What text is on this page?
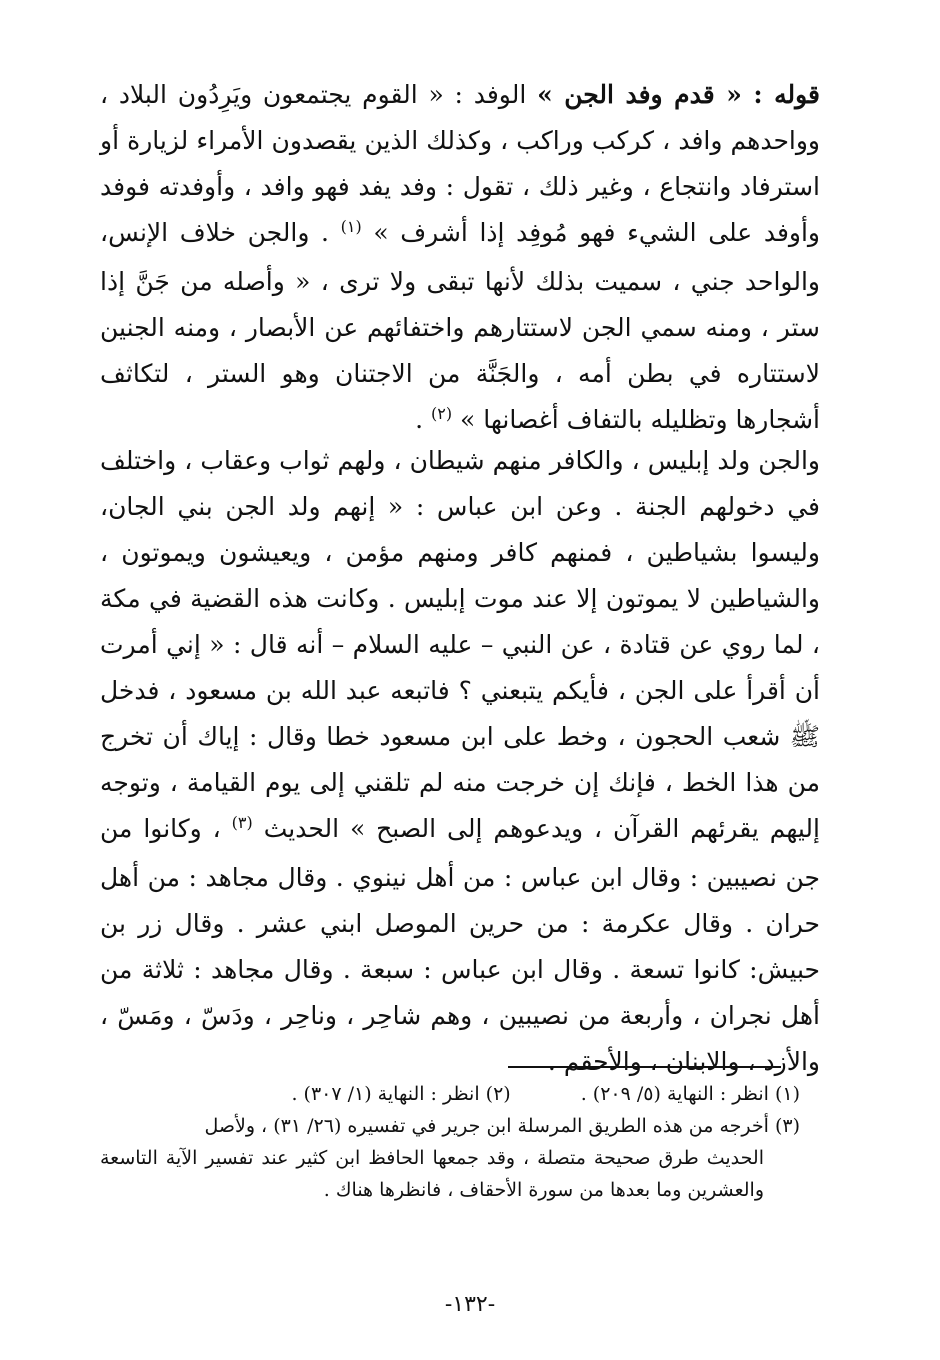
قوله : « قدم وفد الجن » الوفد : « القوم يجتمعون ويَرِدُون البلاد ، وواحدهم وافد ، كركب وراكب ، وكذلك الذين يقصدون الأمراء لزيارة أو استرفاد وانتجاع ، وغير ذلك ، تقول : وفد يفد فهو وافد ، وأوفدته فوفد وأوفد على الشيء فهو مُوفِد إذا أشرف » $^{(١)}$ . والجن خلاف الإنس، والواحد جني ، سميت بذلك لأنها تبقى ولا ترى ، « وأصله من جَنَّ إذا ستر ، ومنه سمي الجن لاستتارهم واختفائهم عن الأبصار ، ومنه الجنين لاستتاره في بطن أمه ، والجَنَّة من الاجتنان وهو الستر ، لتكاثف أشجارها وتظليله بالتفاف أغصانها » $^{(٢)}$ .

والجن ولد إبليس ، والكافر منهم شيطان ، ولهم ثواب وعقاب ، واختلف في دخولهم الجنة . وعن ابن عباس : « إنهم ولد الجن بني الجان، وليسوا بشياطين ، فمنهم كافر ومنهم مؤمن ، ويعيشون ويموتون ، والشياطين لا يموتون إلا عند موت إبليس . وكانت هذه القضية في مكة ، لما روي عن قتادة ، عن النبي – عليه السلام – أنه قال : « إني أمرت أن أقرأ على الجن ، فأيكم يتبعني ؟ فاتبعه عبد الله بن مسعود ، فدخل ﷺ شعب الحجون ، وخط على ابن مسعود خطا وقال : إياك أن تخرج من هذا الخط ، فإنك إن خرجت منه لم تلقني إلى يوم القيامة ، وتوجه إليهم يقرئهم القرآن ، ويدعوهم إلى الصبح » الحديث $^{(٣)}$ ، وكانوا من جن نصيبين : وقال ابن عباس : من أهل نينوي . وقال مجاهد : من أهل حران . وقال عكرمة : من حرين الموصل ابني عشر . وقال زر بن حبيش: كانوا تسعة . وقال ابن عباس : سبعة . وقال مجاهد : ثلاثة من أهل نجران ، وأربعة من نصيبين ، وهم شاحِر ، وناحِر ، ودَسّ ، ومَسّ ، والأزد ، والابنان ، والأحقم .

(١) انظر : النهاية (٥/ ٢٠٩) .(٢) انظر : النهاية (١/ ٣٠٧) .
(٣) أخرجه من هذه الطريق المرسلة ابن جرير في تفسيره (٢٦/ ٣١) ، ولأصل
الحديث طرق صحيحة متصلة ، وقد جمعها الحافظ ابن كثير عند تفسير الآية التاسعة والعشرين وما بعدها من سورة الأحقاف ، فانظرها هناك .
-١٣٢-
